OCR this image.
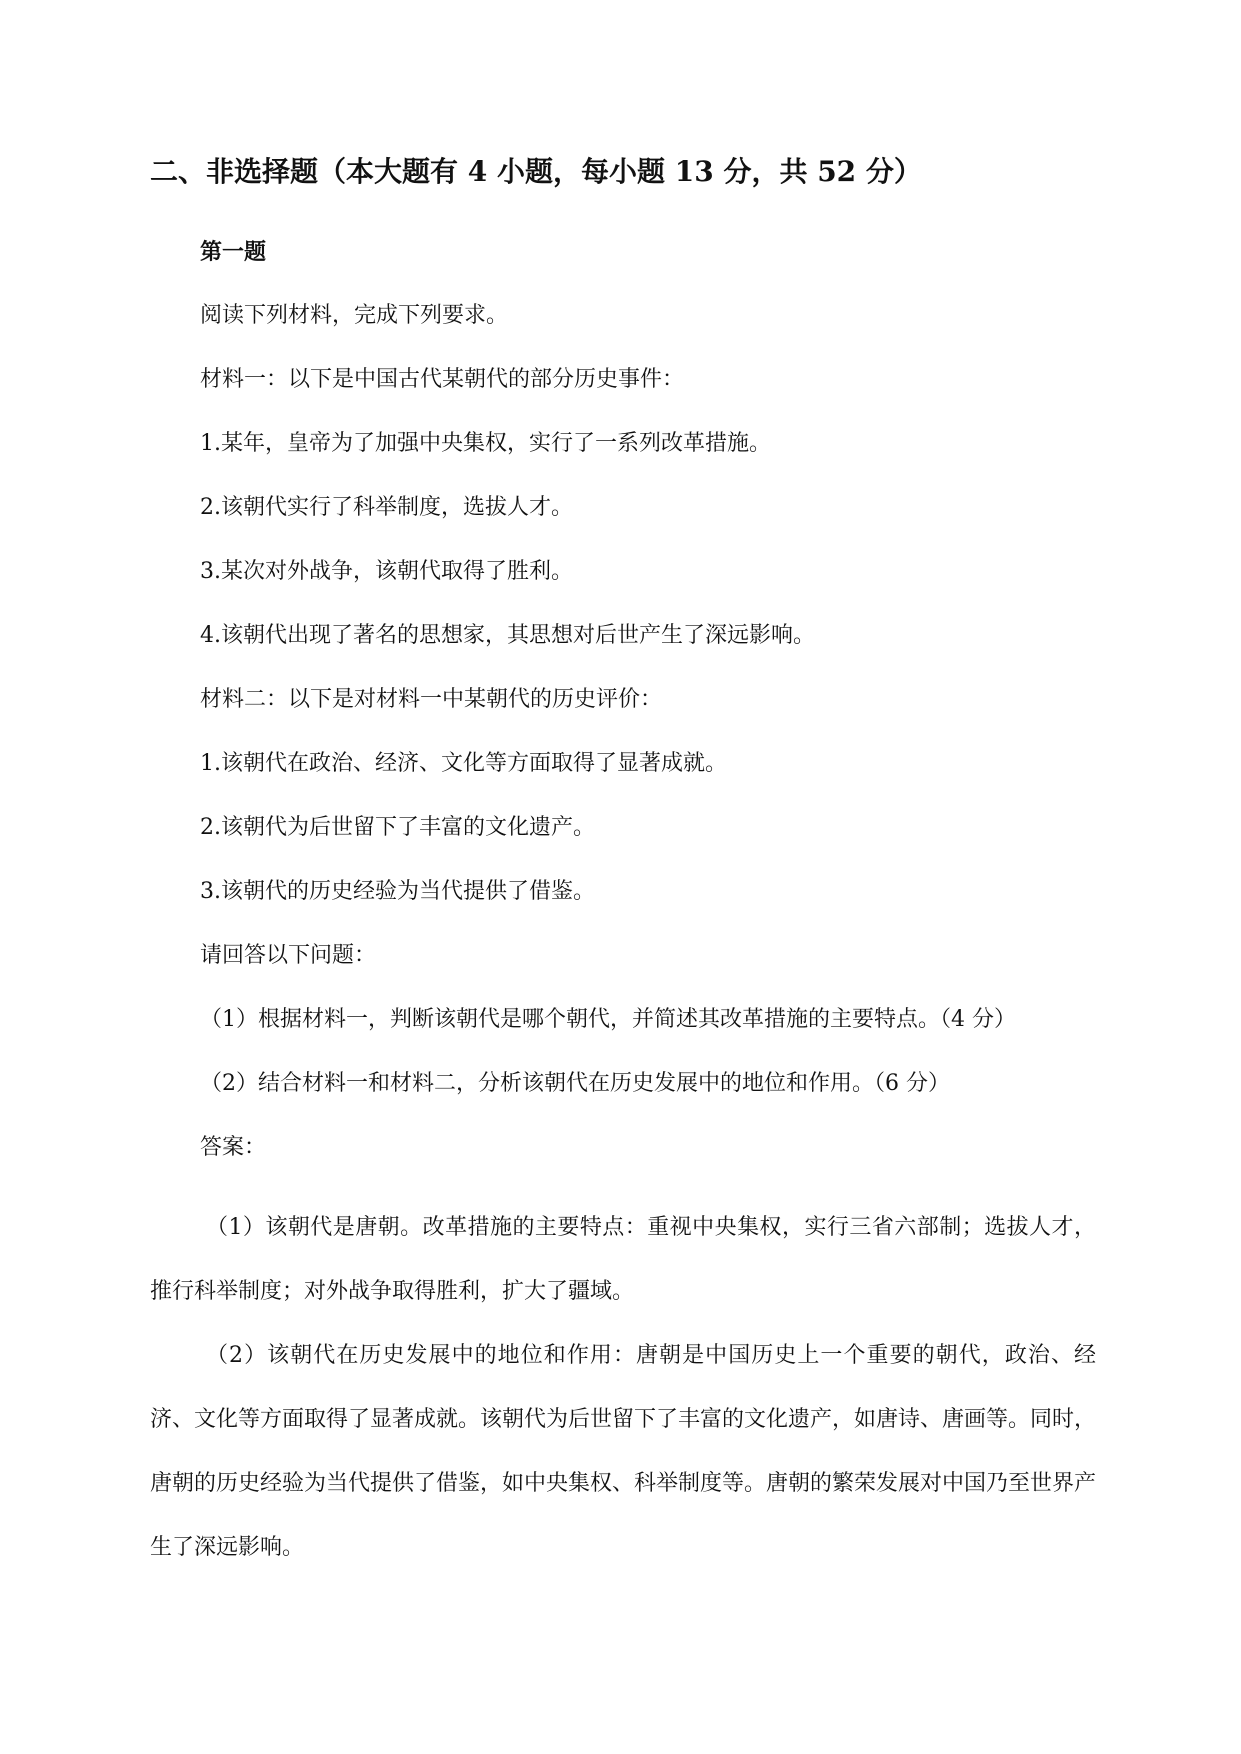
二、非选择题（本大题有 4 小题，每小题 13 分，共 52 分）

第一题

阅读下列材料，完成下列要求。

材料一：以下是中国古代某朝代的部分历史事件：

1.某年，皇帝为了加强中央集权，实行了一系列改革措施。

2.该朝代实行了科举制度，选拔人才。

3.某次对外战争，该朝代取得了胜利。

4.该朝代出现了著名的思想家，其思想对后世产生了深远影响。

材料二：以下是对材料一中某朝代的历史评价：

1.该朝代在政治、经济、文化等方面取得了显著成就。

2.该朝代为后世留下了丰富的文化遗产。

3.该朝代的历史经验为当代提供了借鉴。

请回答以下问题：

（1）根据材料一，判断该朝代是哪个朝代，并简述其改革措施的主要特点。（4 分）

（2）结合材料一和材料二，分析该朝代在历史发展中的地位和作用。（6 分）

答案：

（1）该朝代是唐朝。改革措施的主要特点：重视中央集权，实行三省六部制；选拔人才，推行科举制度；对外战争取得胜利，扩大了疆域。

（2）该朝代在历史发展中的地位和作用：唐朝是中国历史上一个重要的朝代，政治、经济、文化等方面取得了显著成就。该朝代为后世留下了丰富的文化遗产，如唐诗、唐画等。同时，唐朝的历史经验为当代提供了借鉴，如中央集权、科举制度等。唐朝的繁荣发展对中国乃至世界产生了深远影响。
